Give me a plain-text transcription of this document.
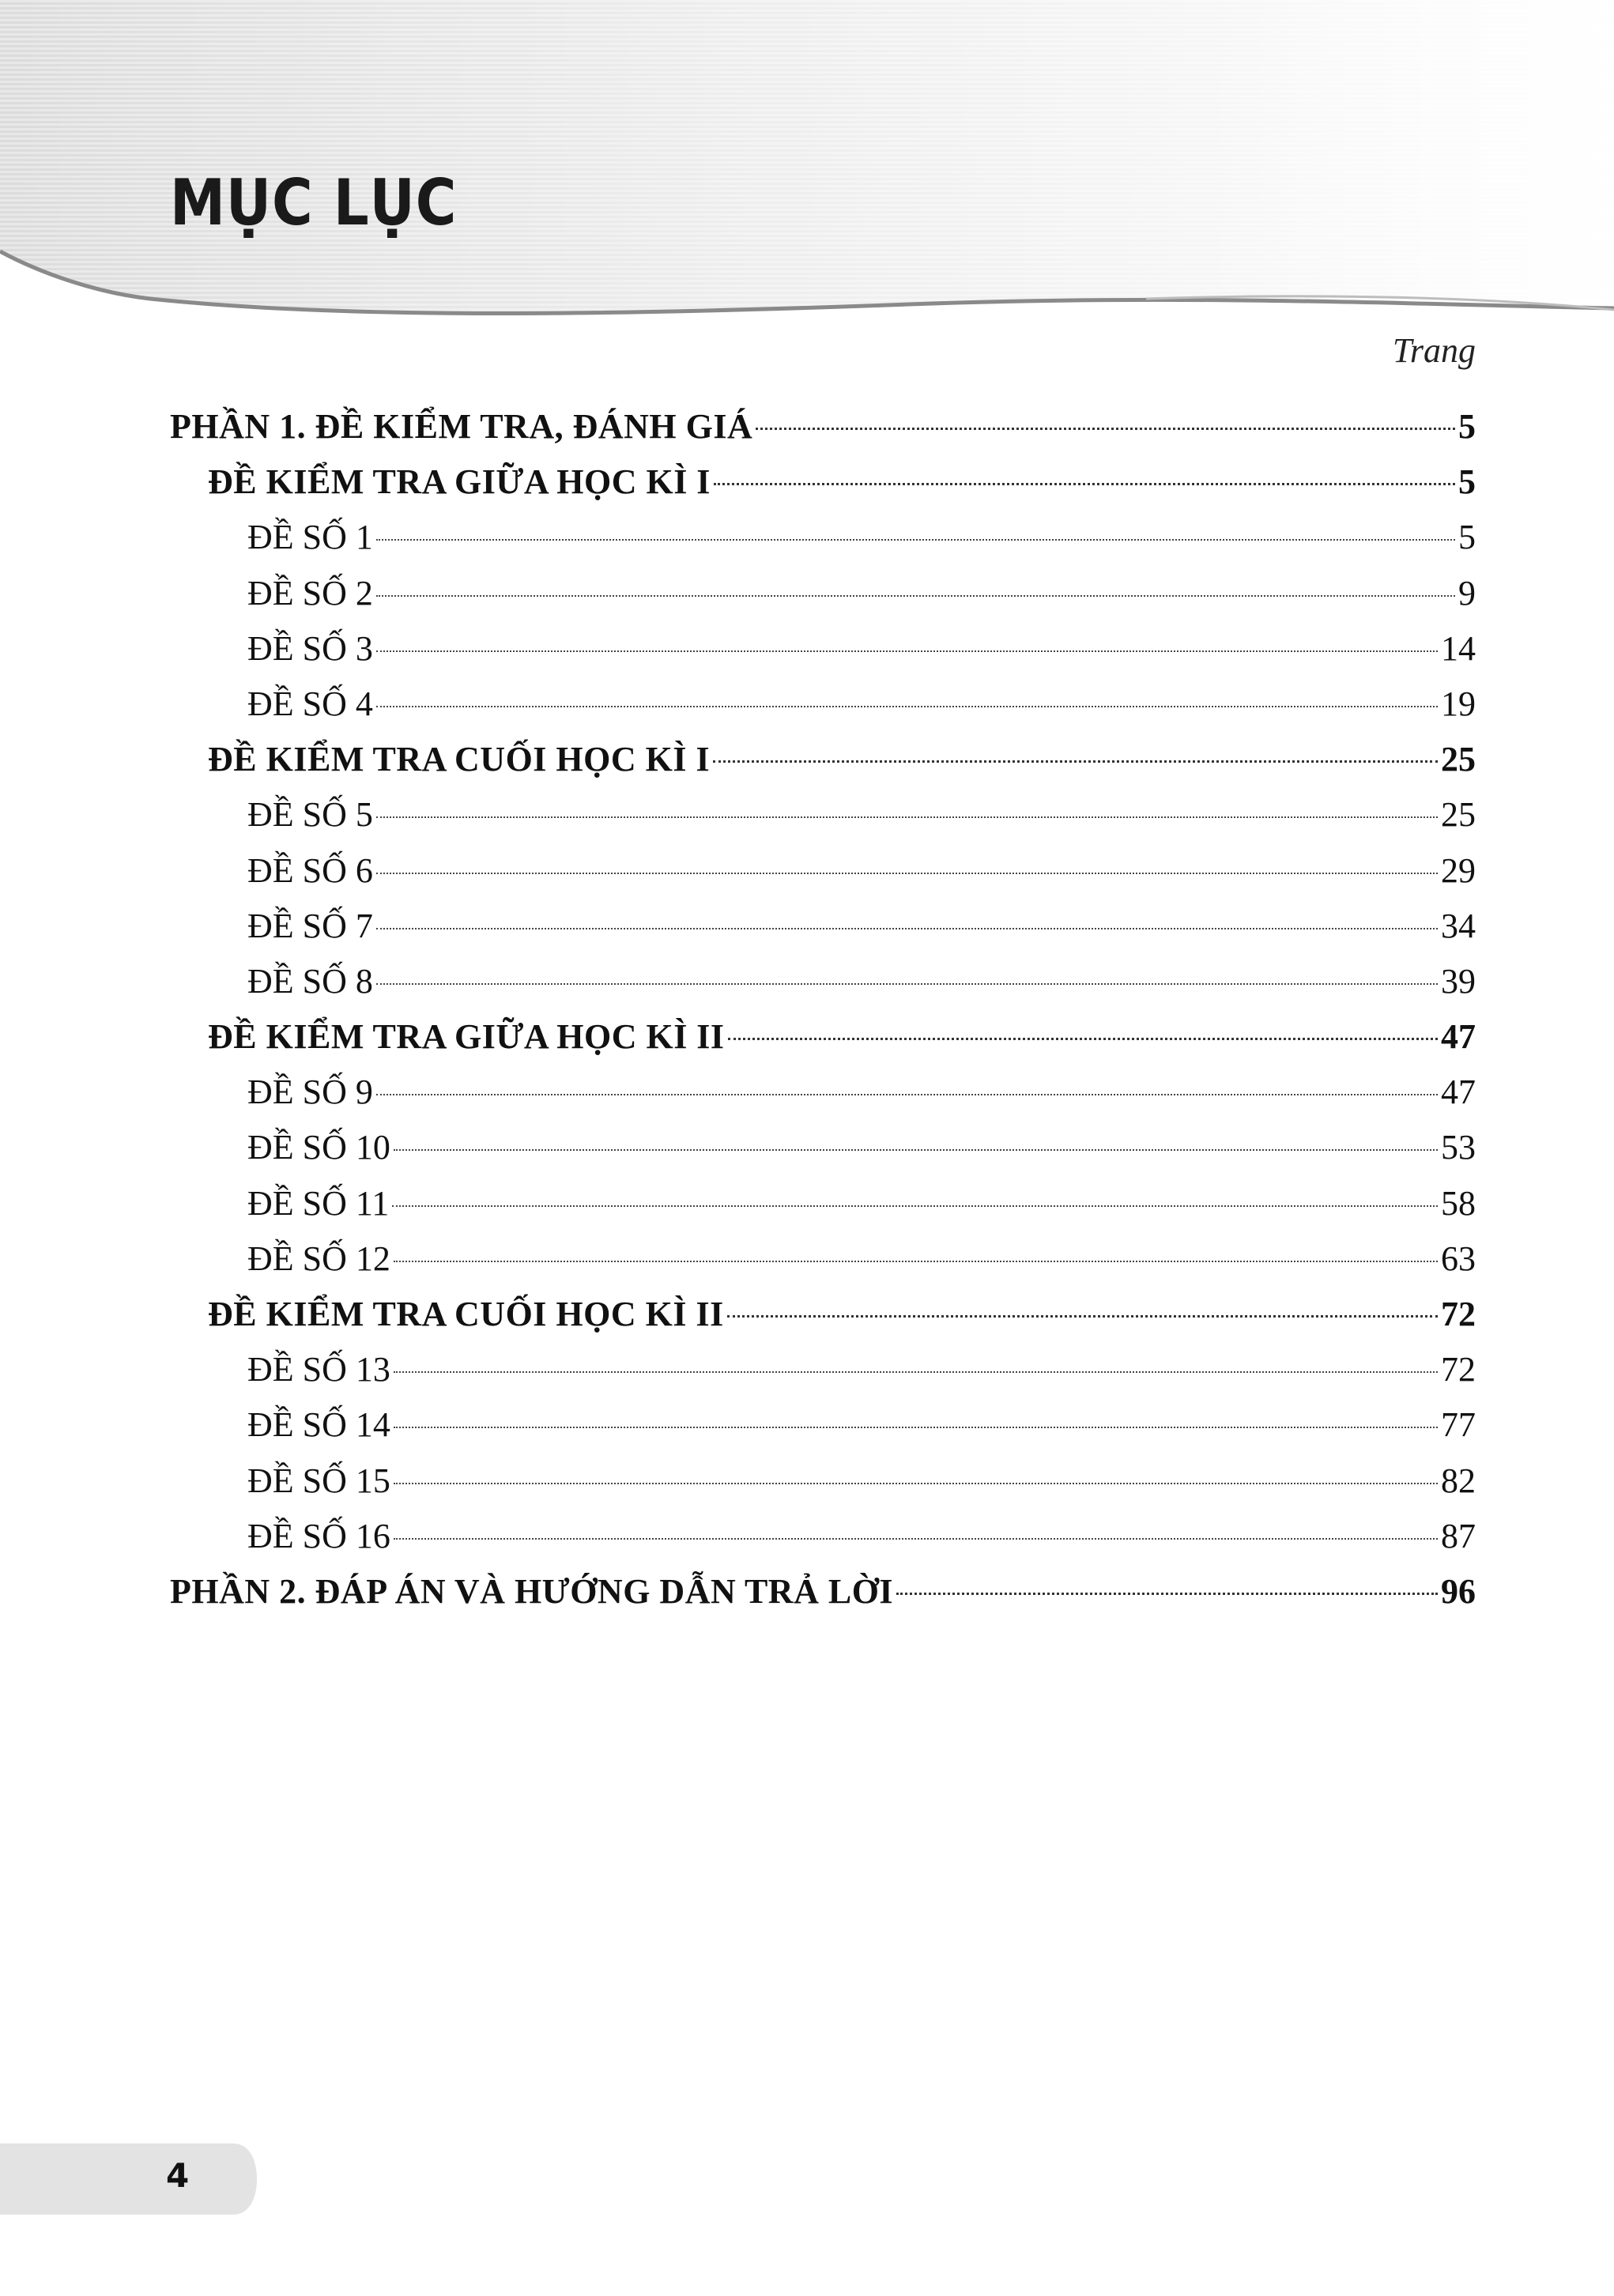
MỤC LỤC
Trang
PHẦN 1. ĐỀ KIỂM TRA, ĐÁNH GIÁ	5
ĐỀ KIỂM TRA GIỮA HỌC KÌ I	5
ĐỀ SỐ 1	5
ĐỀ SỐ 2	9
ĐỀ SỐ 3	14
ĐỀ SỐ 4	19
ĐỀ KIỂM TRA CUỐI HỌC KÌ I	25
ĐỀ SỐ 5	25
ĐỀ SỐ 6	29
ĐỀ SỐ 7	34
ĐỀ SỐ 8	39
ĐỀ KIỂM TRA GIỮA HỌC KÌ II	47
ĐỀ SỐ 9	47
ĐỀ SỐ 10	53
ĐỀ SỐ 11	58
ĐỀ SỐ 12	63
ĐỀ KIỂM TRA CUỐI HỌC KÌ II	72
ĐỀ SỐ 13	72
ĐỀ SỐ 14	77
ĐỀ SỐ 15	82
ĐỀ SỐ 16	87
PHẦN 2. ĐÁP ÁN VÀ HƯỚNG DẪN TRẢ LỜI	96
4
